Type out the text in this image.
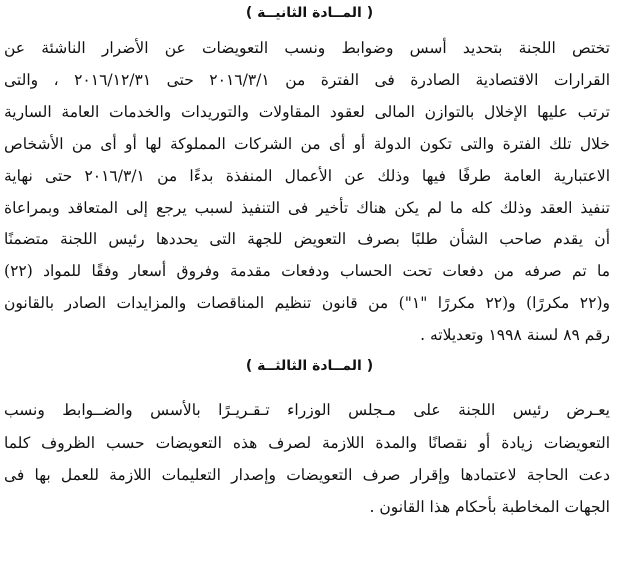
( المــادة الثانيــة )
تختص اللجنة بتحديد أسس وضوابط ونسب التعويضات عن الأضرار الناشئة عن
القرارات الاقتصادية الصادرة فى الفترة من ٢٠١٦/٣/١ حتى ٢٠١٦/١٢/٣١ ، والتى
ترتب عليها الإخلال بالتوازن المالى لعقود المقاولات والتوريدات والخدمات العامة السارية
خلال تلك الفترة والتى تكون الدولة أو أى من الشركات المملوكة لها أو أى من الأشخاص
الاعتبارية العامة طرفًا فيها وذلك عن الأعمال المنفذة بدءًا من ٢٠١٦/٣/١ حتى نهاية
تنفيذ العقد وذلك كله ما لم يكن هناك تأخير فى التنفيذ لسبب يرجع إلى المتعاقد وبمراعاة
أن يقدم صاحب الشأن طلبًا بصرف التعويض للجهة التى يحددها رئيس اللجنة متضمنًا
ما تم صرفه من دفعات تحت الحساب ودفعات مقدمة وفروق أسعار وفقًا للمواد (٢٢)
و(٢٢ مكررًا) و(٢٢ مكررًا "١") من قانون تنظيم المناقصات والمزايدات الصادر بالقانون
رقم ٨٩ لسنة ١٩٩٨ وتعديلاته .
( المــادة الثالثــة )
يعـرض رئيس اللجنة على مـجلس الوزراء تـقـريـرًا بالأسس والضــوابط ونسب
التعويضات زيادة أو نقصانًا والمدة اللازمة لصرف هذه التعويضات حسب الظروف كلما
دعت الحاجة لاعتمادها وإقرار صرف التعويضات وإصدار التعليمات اللازمة للعمل بها فى
الجهات المخاطبة بأحكام هذا القانون .
